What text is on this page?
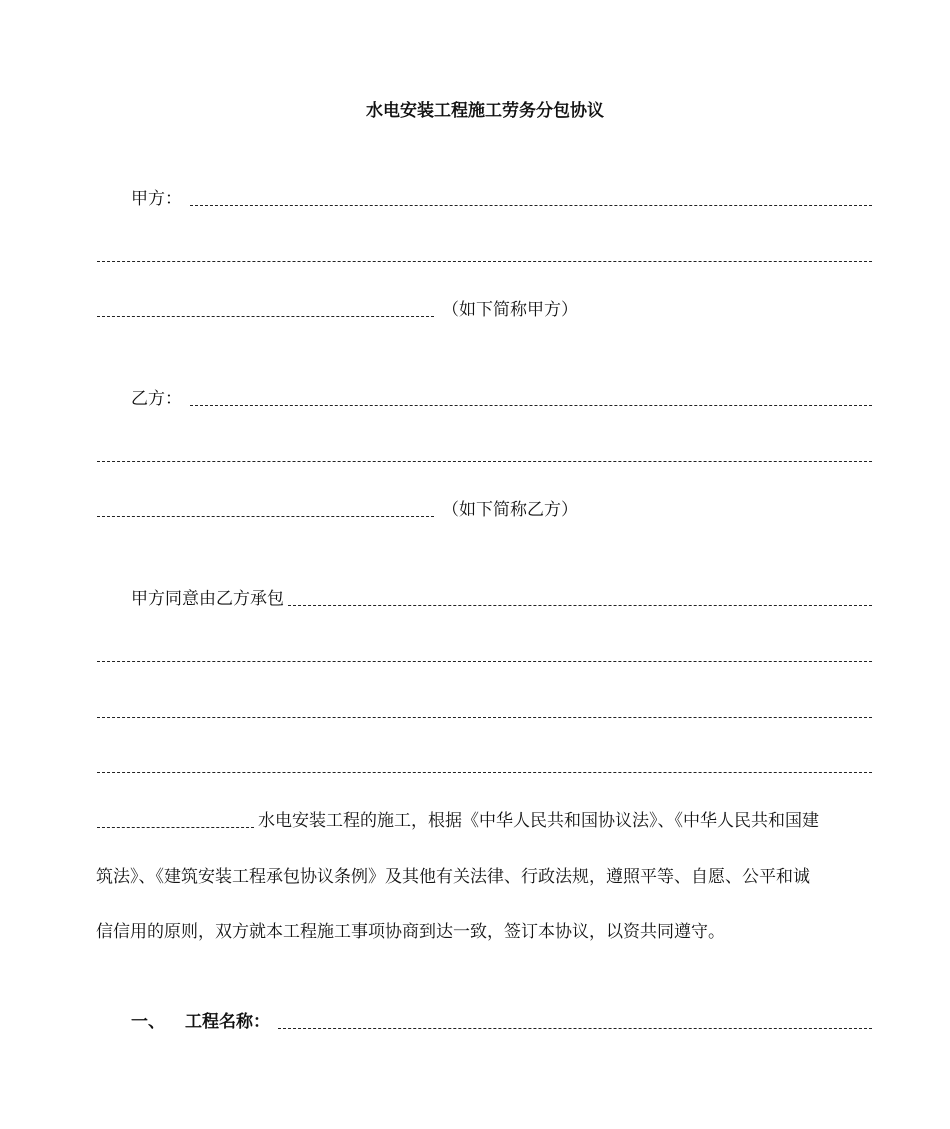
水电安装工程施工劳务分包协议
甲方：
（如下简称甲方）
乙方：
（如下简称乙方）
甲方同意由乙方承包
水电安装工程的施工，根据《中华人民共和国协议法》、《中华人民共和国建
筑法》、《建筑安装工程承包协议条例》及其他有关法律、行政法规，遵照平等、自愿、公平和诚
信信用的原则，双方就本工程施工事项协商到达一致，签订本协议，以资共同遵守。
一、 工程名称：
